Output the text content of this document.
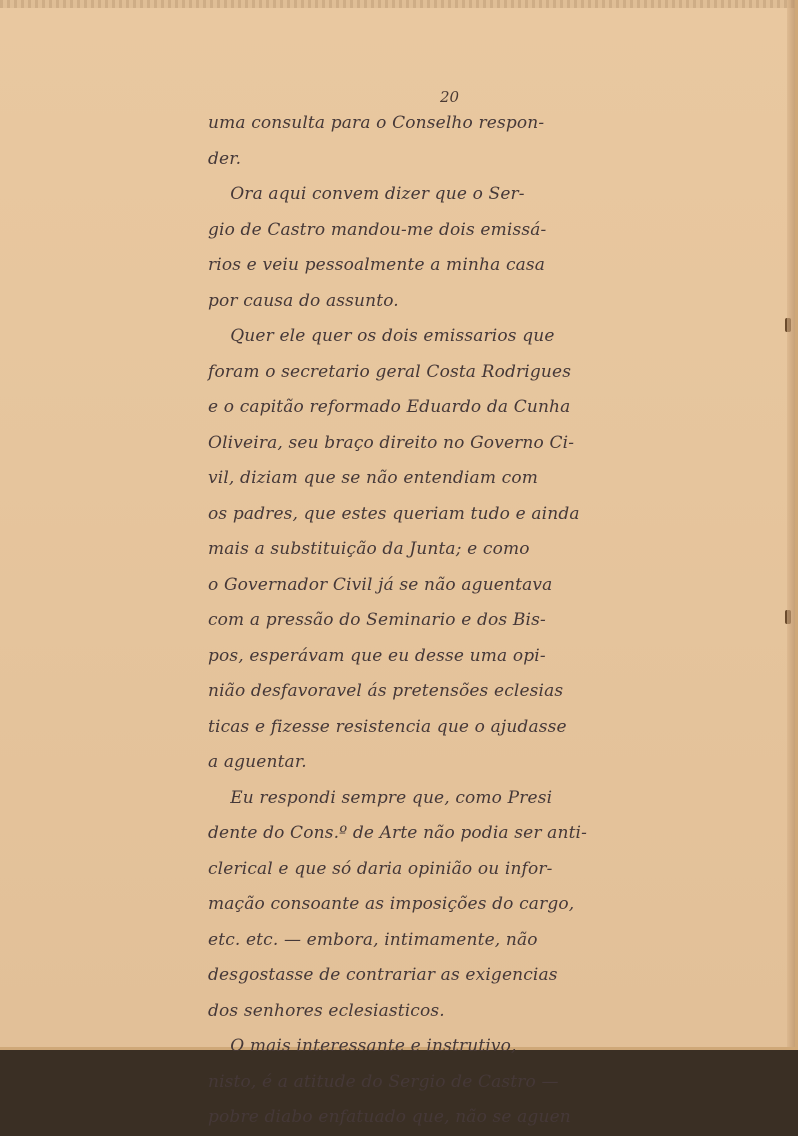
20
uma consulta para o Conselho respon-
der.
Ora aqui convem dizer que o Ser-
gio de Castro mandou-me dois emissá-
rios e veiu pessoalmente a minha casa
por causa do assunto.
Quer ele quer os dois emissarios que
foram o secretario geral Costa Rodrigues
e o capitão reformado Eduardo da Cunha
Oliveira, seu braço direito no Governo Ci-
vil, diziam que se não entendiam com
os padres, que estes queriam tudo e ainda
mais a substituição da Junta; e como
o Governador Civil já se não aguentava
com a pressão do Seminario e dos Bis-
pos, esperávam que eu desse uma opi-
nião desfavoravel ás pretensões eclesias
ticas e fizesse resistencia que o ajudasse
a aguentar.
Eu respondi sempre que, como Presi
dente do Cons.º de Arte não podia ser anti-
clerical e que só daria opinião ou infor-
mação consoante as imposições do cargo,
etc. etc. — embora, intimamente, não
desgostasse de contrariar as exigencias
dos senhores eclesiasticos.
O mais interessante e instrutivo,
nisto, é a atitude do Sergio de Castro —
pobre diabo enfatuado que, não se aguen
